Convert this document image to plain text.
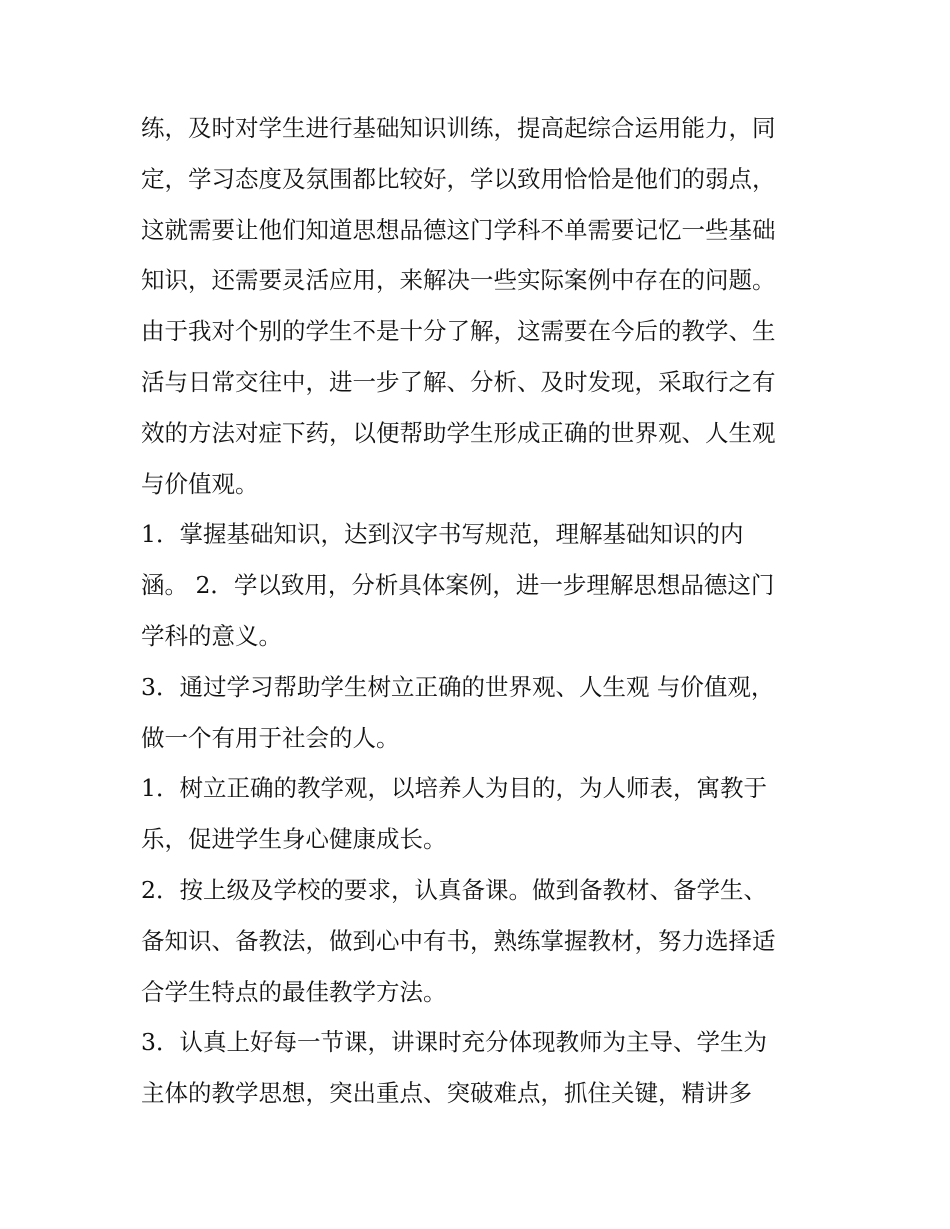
练，及时对学生进行基础知识训练，提高起综合运用能力，同
定，学习态度及氛围都比较好，学以致用恰恰是他们的弱点，
这就需要让他们知道思想品德这门学科不单需要记忆一些基础
知识，还需要灵活应用，来解决一些实际案例中存在的问题。
由于我对个别的学生不是十分了解，这需要在今后的教学、生
活与日常交往中，进一步了解、分析、及时发现，采取行之有
效的方法对症下药，以便帮助学生形成正确的世界观、人生观
与价值观。
1．掌握基础知识，达到汉字书写规范，理解基础知识的内
涵。 2．学以致用，分析具体案例，进一步理解思想品德这门
学科的意义。
3．通过学习帮助学生树立正确的世界观、人生观 与价值观，
做一个有用于社会的人。
1．树立正确的教学观，以培养人为目的，为人师表，寓教于
乐，促进学生身心健康成长。
2．按上级及学校的要求，认真备课。做到备教材、备学生、
备知识、备教法，做到心中有书，熟练掌握教材，努力选择适
合学生特点的最佳教学方法。
3．认真上好每一节课，讲课时充分体现教师为主导、学生为
主体的教学思想，突出重点、突破难点，抓住关键，精讲多
